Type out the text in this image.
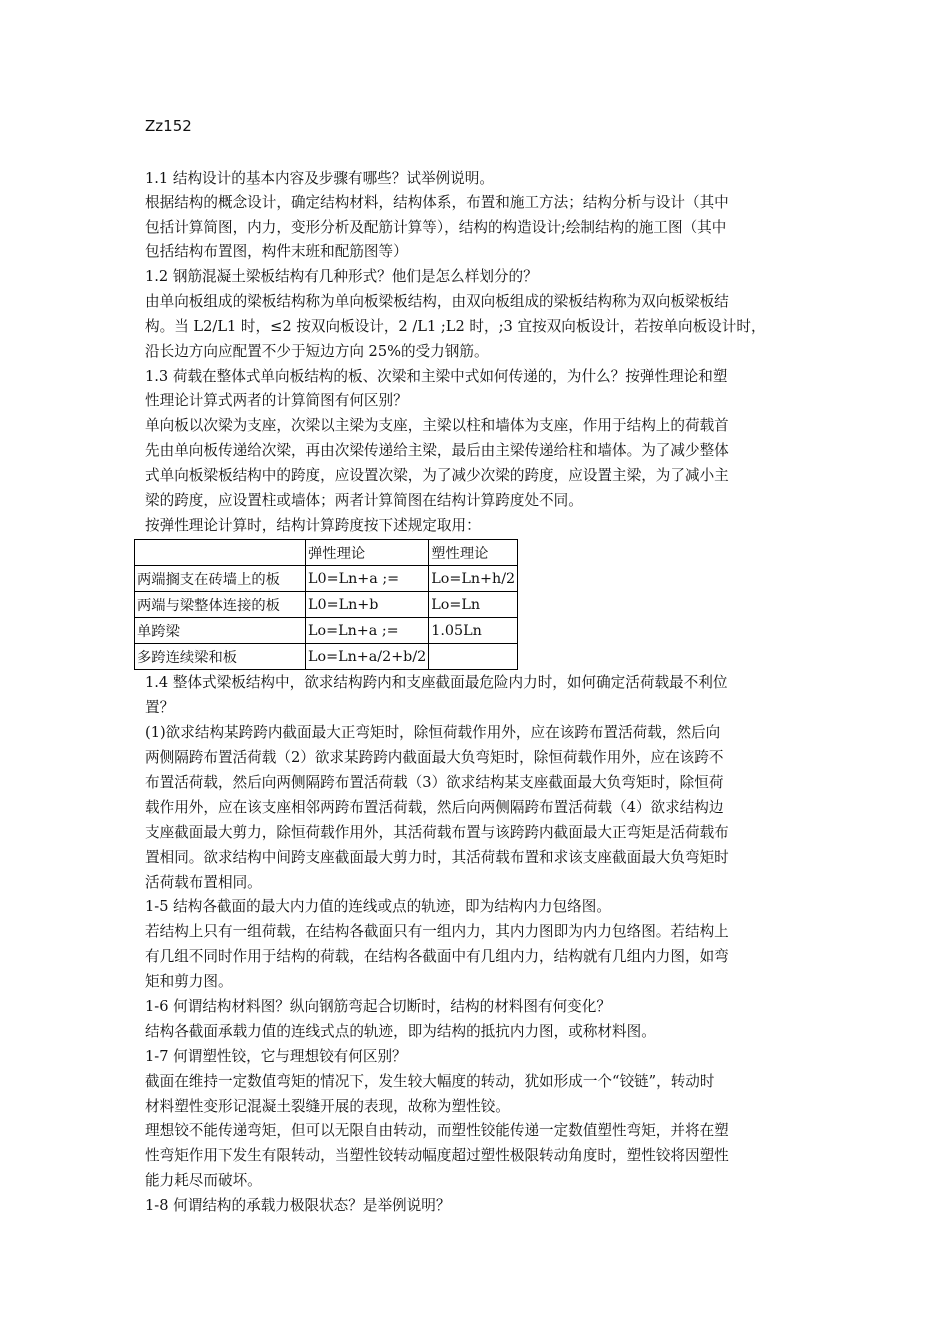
Zz152
1.1 结构设计的基本内容及步骤有哪些？试举例说明。
根据结构的概念设计，确定结构材料，结构体系，布置和施工方法；结构分析与设计（其中
包括计算简图，内力，变形分析及配筋计算等），结构的构造设计;绘制结构的施工图（其中
包括结构布置图，构件末班和配筋图等）
1.2 钢筋混凝土梁板结构有几种形式？他们是怎么样划分的？
由单向板组成的梁板结构称为单向板梁板结构，由双向板组成的梁板结构称为双向板梁板结
构。当 L2/L1 时，≤2 按双向板设计，2 /L1 ;L2 时，;3 宜按双向板设计，若按单向板设计时，
沿长边方向应配置不少于短边方向 25%的受力钢筋。
1.3 荷载在整体式单向板结构的板、次梁和主梁中式如何传递的，为什么？按弹性理论和塑
性理论计算式两者的计算简图有何区别？
单向板以次梁为支座，次梁以主梁为支座，主梁以柱和墙体为支座，作用于结构上的荷载首
先由单向板传递给次梁，再由次梁传递给主梁，最后由主梁传递给柱和墙体。为了减少整体
式单向板梁板结构中的跨度，应设置次梁，为了减少次梁的跨度，应设置主梁，为了减小主
梁的跨度，应设置柱或墙体；两者计算简图在结构计算跨度处不同。
按弹性理论计算时，结构计算跨度按下述规定取用：
	弹性理论	塑性理论
两端搁支在砖墙上的板	L0=Ln+a ;=	Lo=Ln+h/2
两端与梁整体连接的板	L0=Ln+b	Lo=Ln
单跨梁	Lo=Ln+a ;=	1.05Ln
多跨连续梁和板	Lo=Ln+a/2+b/2	
1.4 整体式梁板结构中，欲求结构跨内和支座截面最危险内力时，如何确定活荷载最不利位
置？
(1)欲求结构某跨跨内截面最大正弯矩时，除恒荷载作用外，应在该跨布置活荷载，然后向
两侧隔跨布置活荷载（2）欲求某跨跨内截面最大负弯矩时，除恒荷载作用外，应在该跨不
布置活荷载，然后向两侧隔跨布置活荷载（3）欲求结构某支座截面最大负弯矩时，除恒荷
载作用外，应在该支座相邻两跨布置活荷载，然后向两侧隔跨布置活荷载（4）欲求结构边
支座截面最大剪力，除恒荷载作用外，其活荷载布置与该跨跨内截面最大正弯矩是活荷载布
置相同。欲求结构中间跨支座截面最大剪力时，其活荷载布置和求该支座截面最大负弯矩时
活荷载布置相同。
1-5 结构各截面的最大内力值的连线或点的轨迹，即为结构内力包络图。
若结构上只有一组荷载，在结构各截面只有一组内力，其内力图即为内力包络图。若结构上
有几组不同时作用于结构的荷载，在结构各截面中有几组内力，结构就有几组内力图，如弯
矩和剪力图。
1-6 何谓结构材料图？纵向钢筋弯起合切断时，结构的材料图有何变化？
结构各截面承载力值的连线式点的轨迹，即为结构的抵抗内力图，或称材料图。
1-7 何谓塑性铰，它与理想铰有何区别？
截面在维持一定数值弯矩的情况下，发生较大幅度的转动，犹如形成一个“铰链”，转动时
材料塑性变形记混凝土裂缝开展的表现，故称为塑性铰。
理想铰不能传递弯矩，但可以无限自由转动，而塑性铰能传递一定数值塑性弯矩，并将在塑
性弯矩作用下发生有限转动，当塑性铰转动幅度超过塑性极限转动角度时，塑性铰将因塑性
能力耗尽而破坏。
1-8 何谓结构的承载力极限状态？是举例说明？
